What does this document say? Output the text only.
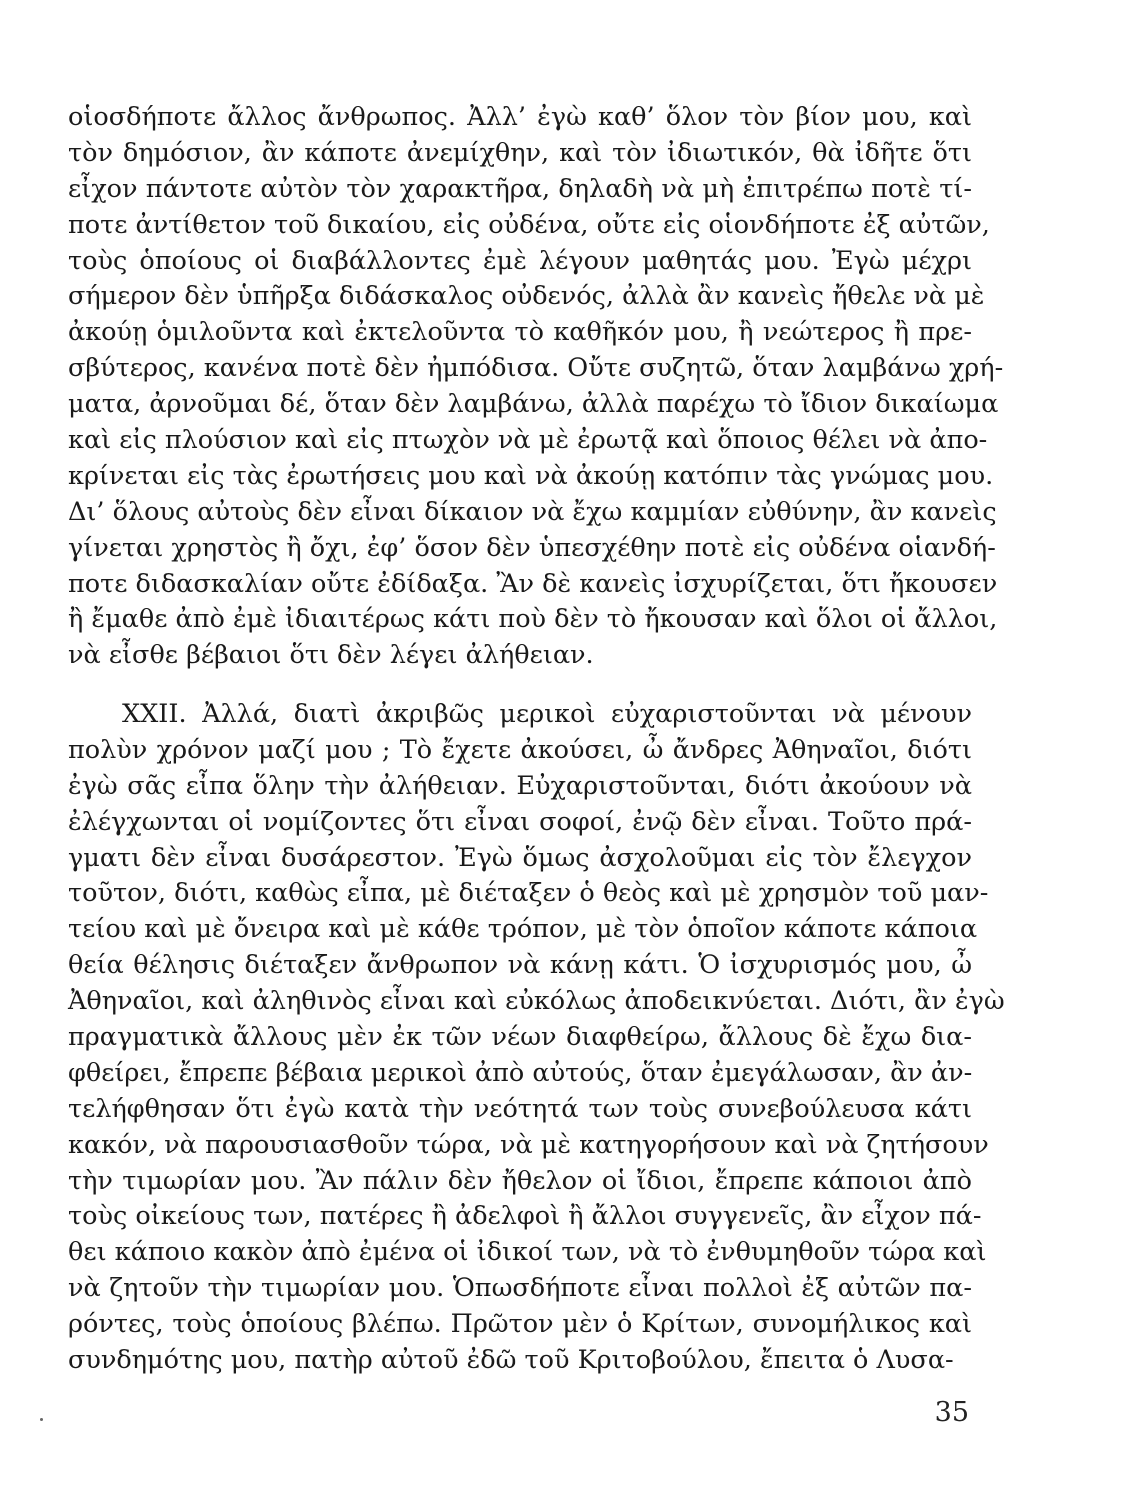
οἱοσδήποτε ἄλλος ἄνθρωπος. Ἀλλ’ ἐγὼ καθ’ ὅλον τὸν βίον μου, καὶ
τὸν δημόσιον, ἂν κάποτε ἀνεμίχθην, καὶ τὸν ἰδιωτικόν, θὰ ἰδῆτε ὅτι
εἶχον πάντοτε αὐτὸν τὸν χαρακτῆρα, δηλαδὴ νὰ μὴ ἐπιτρέπω ποτὲ τί-
ποτε ἀντίθετον τοῦ δικαίου, εἰς οὐδένα, οὔτε εἰς οἱονδήποτε ἐξ αὐτῶν,
τοὺς ὁποίους οἱ διαβάλλοντες ἐμὲ λέγουν μαθητάς μου. Ἐγὼ μέχρι
σήμερον δὲν ὑπῆρξα διδάσκαλος οὐδενός, ἀλλὰ ἂν κανεὶς ἤθελε νὰ μὲ
ἀκούῃ ὁμιλοῦντα καὶ ἐκτελοῦντα τὸ καθῆκόν μου, ἢ νεώτερος ἢ πρε-
σβύτερος, κανένα ποτὲ δὲν ἠμπόδισα. Οὔτε συζητῶ, ὅταν λαμβάνω χρή-
ματα, ἀρνοῦμαι δέ, ὅταν δὲν λαμβάνω, ἀλλὰ παρέχω τὸ ἴδιον δικαίωμα
καὶ εἰς πλούσιον καὶ εἰς πτωχὸν νὰ μὲ ἐρωτᾷ καὶ ὅποιος θέλει νὰ ἀπο-
κρίνεται εἰς τὰς ἐρωτήσεις μου καὶ νὰ ἀκούῃ κατόπιν τὰς γνώμας μου.
Δι’ ὅλους αὐτοὺς δὲν εἶναι δίκαιον νὰ ἔχω καμμίαν εὐθύνην, ἂν κανεὶς
γίνεται χρηστὸς ἢ ὄχι, ἐφ’ ὅσον δὲν ὑπεσχέθην ποτὲ εἰς οὐδένα οἱανδή-
ποτε διδασκαλίαν οὔτε ἐδίδαξα. Ἂν δὲ κανεὶς ἰσχυρίζεται, ὅτι ἤκουσεν
ἢ ἔμαθε ἀπὸ ἐμὲ ἰδιαιτέρως κάτι ποὺ δὲν τὸ ἤκουσαν καὶ ὅλοι οἱ ἄλλοι,
νὰ εἶσθε βέβαιοι ὅτι δὲν λέγει ἀλήθειαν.
XXII. Ἀλλά, διατὶ ἀκριβῶς μερικοὶ εὐχαριστοῦνται νὰ μένουν
πολὺν χρόνον μαζί μου ; Τὸ ἔχετε ἀκούσει, ὦ ἄνδρες Ἀθηναῖοι, διότι
ἐγὼ σᾶς εἶπα ὅλην τὴν ἀλήθειαν. Εὐχαριστοῦνται, διότι ἀκούουν νὰ
ἐλέγχωνται οἱ νομίζοντες ὅτι εἶναι σοφοί, ἐνῷ δὲν εἶναι. Τοῦτο πρά-
γματι δὲν εἶναι δυσάρεστον. Ἐγὼ ὅμως ἀσχολοῦμαι εἰς τὸν ἔλεγχον
τοῦτον, διότι, καθὼς εἶπα, μὲ διέταξεν ὁ θεὸς καὶ μὲ χρησμὸν τοῦ μαν-
τείου καὶ μὲ ὄνειρα καὶ μὲ κάθε τρόπον, μὲ τὸν ὁποῖον κάποτε κάποια
θεία θέλησις διέταξεν ἄνθρωπον νὰ κάνῃ κάτι. Ὁ ἰσχυρισμός μου, ὦ
Ἀθηναῖοι, καὶ ἀληθινὸς εἶναι καὶ εὐκόλως ἀποδεικνύεται. Διότι, ἂν ἐγὼ
πραγματικὰ ἄλλους μὲν ἐκ τῶν νέων διαφθείρω, ἄλλους δὲ ἔχω δια-
φθείρει, ἔπρεπε βέβαια μερικοὶ ἀπὸ αὐτούς, ὅταν ἐμεγάλωσαν, ἂν ἀν-
τελήφθησαν ὅτι ἐγὼ κατὰ τὴν νεότητά των τοὺς συνεβούλευσα κάτι
κακόν, νὰ παρουσιασθοῦν τώρα, νὰ μὲ κατηγορήσουν καὶ νὰ ζητήσουν
τὴν τιμωρίαν μου. Ἂν πάλιν δὲν ἤθελον οἱ ἴδιοι, ἔπρεπε κάποιοι ἀπὸ
τοὺς οἰκείους των, πατέρες ἢ ἀδελφοὶ ἢ ἄλλοι συγγενεῖς, ἂν εἶχον πά-
θει κάποιο κακὸν ἀπὸ ἐμένα οἱ ἰδικοί των, νὰ τὸ ἐνθυμηθοῦν τώρα καὶ
νὰ ζητοῦν τὴν τιμωρίαν μου. Ὁπωσδήποτε εἶναι πολλοὶ ἐξ αὐτῶν πα-
ρόντες, τοὺς ὁποίους βλέπω. Πρῶτον μὲν ὁ Κρίτων, συνομήλικος καὶ
συνδημότης μου, πατὴρ αὐτοῦ ἐδῶ τοῦ Κριτοβούλου, ἔπειτα ὁ Λυσα-
35
